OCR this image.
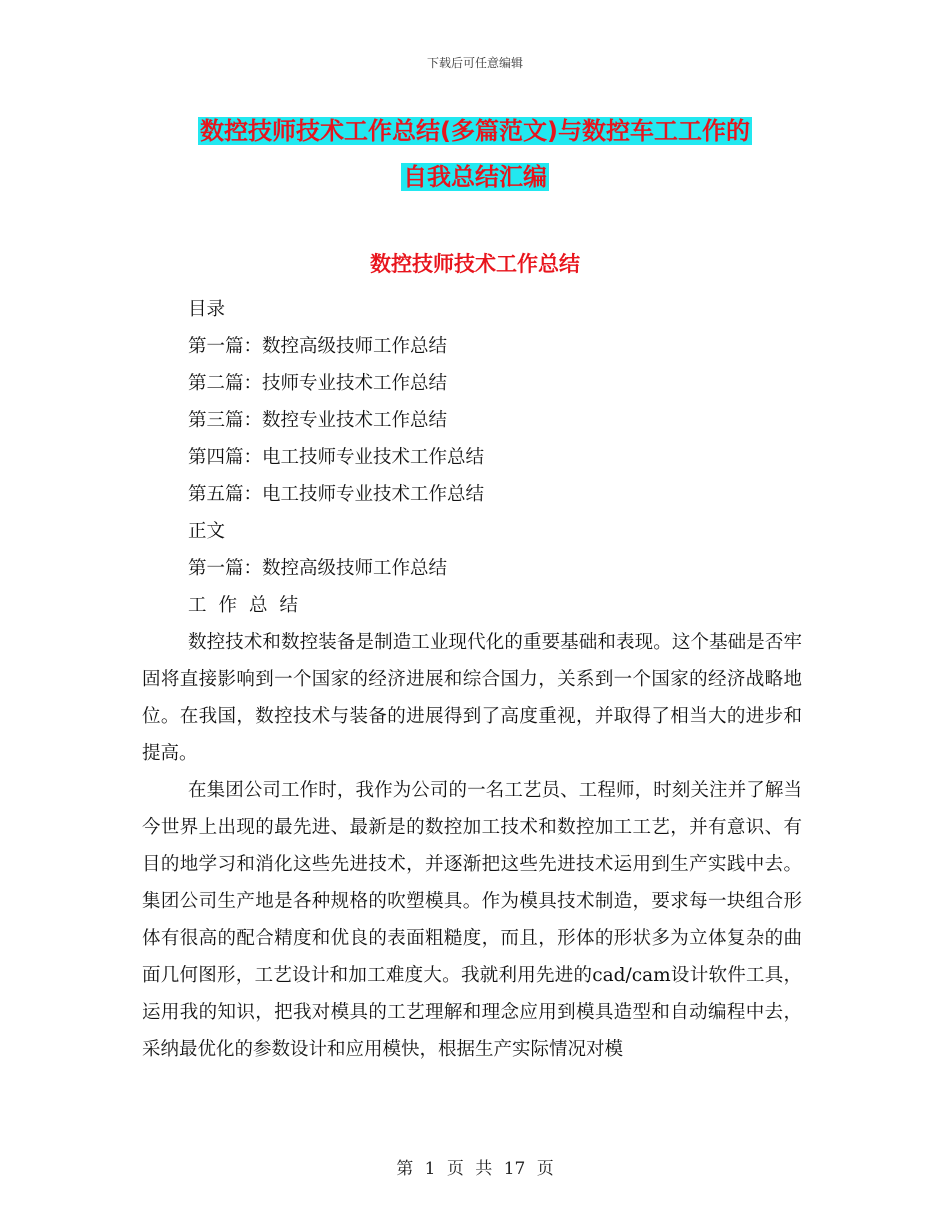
下载后可任意编辑
数控技师技术工作总结(多篇范文)与数控车工工作的
自我总结汇编
数控技师技术工作总结
目录
第一篇：数控高级技师工作总结
第二篇：技师专业技术工作总结
第三篇：数控专业技术工作总结
第四篇：电工技师专业技术工作总结
第五篇：电工技师专业技术工作总结
正文
第一篇：数控高级技师工作总结
工作总结

数控技术和数控装备是制造工业现代化的重要基础和表现。这个基础是否牢固将直接影响到一个国家的经济进展和综合国力，关系到一个国家的经济战略地位。在我国，数控技术与装备的进展得到了高度重视，并取得了相当大的进步和提高。

在集团公司工作时，我作为公司的一名工艺员、工程师，时刻关注并了解当今世界上出现的最先进、最新是的数控加工技术和数控加工工艺，并有意识、有目的地学习和消化这些先进技术，并逐渐把这些先进技术运用到生产实践中去。集团公司生产地是各种规格的吹塑模具。作为模具技术制造，要求每一块组合形体有很高的配合精度和优良的表面粗糙度，而且，形体的形状多为立体复杂的曲面几何图形，工艺设计和加工难度大。我就利用先进的cad/cam设计软件工具，运用我的知识，把我对模具的工艺理解和理念应用到模具造型和自动编程中去，采纳最优化的参数设计和应用模快，根据生产实际情况对模

第 1 页 共 17 页
